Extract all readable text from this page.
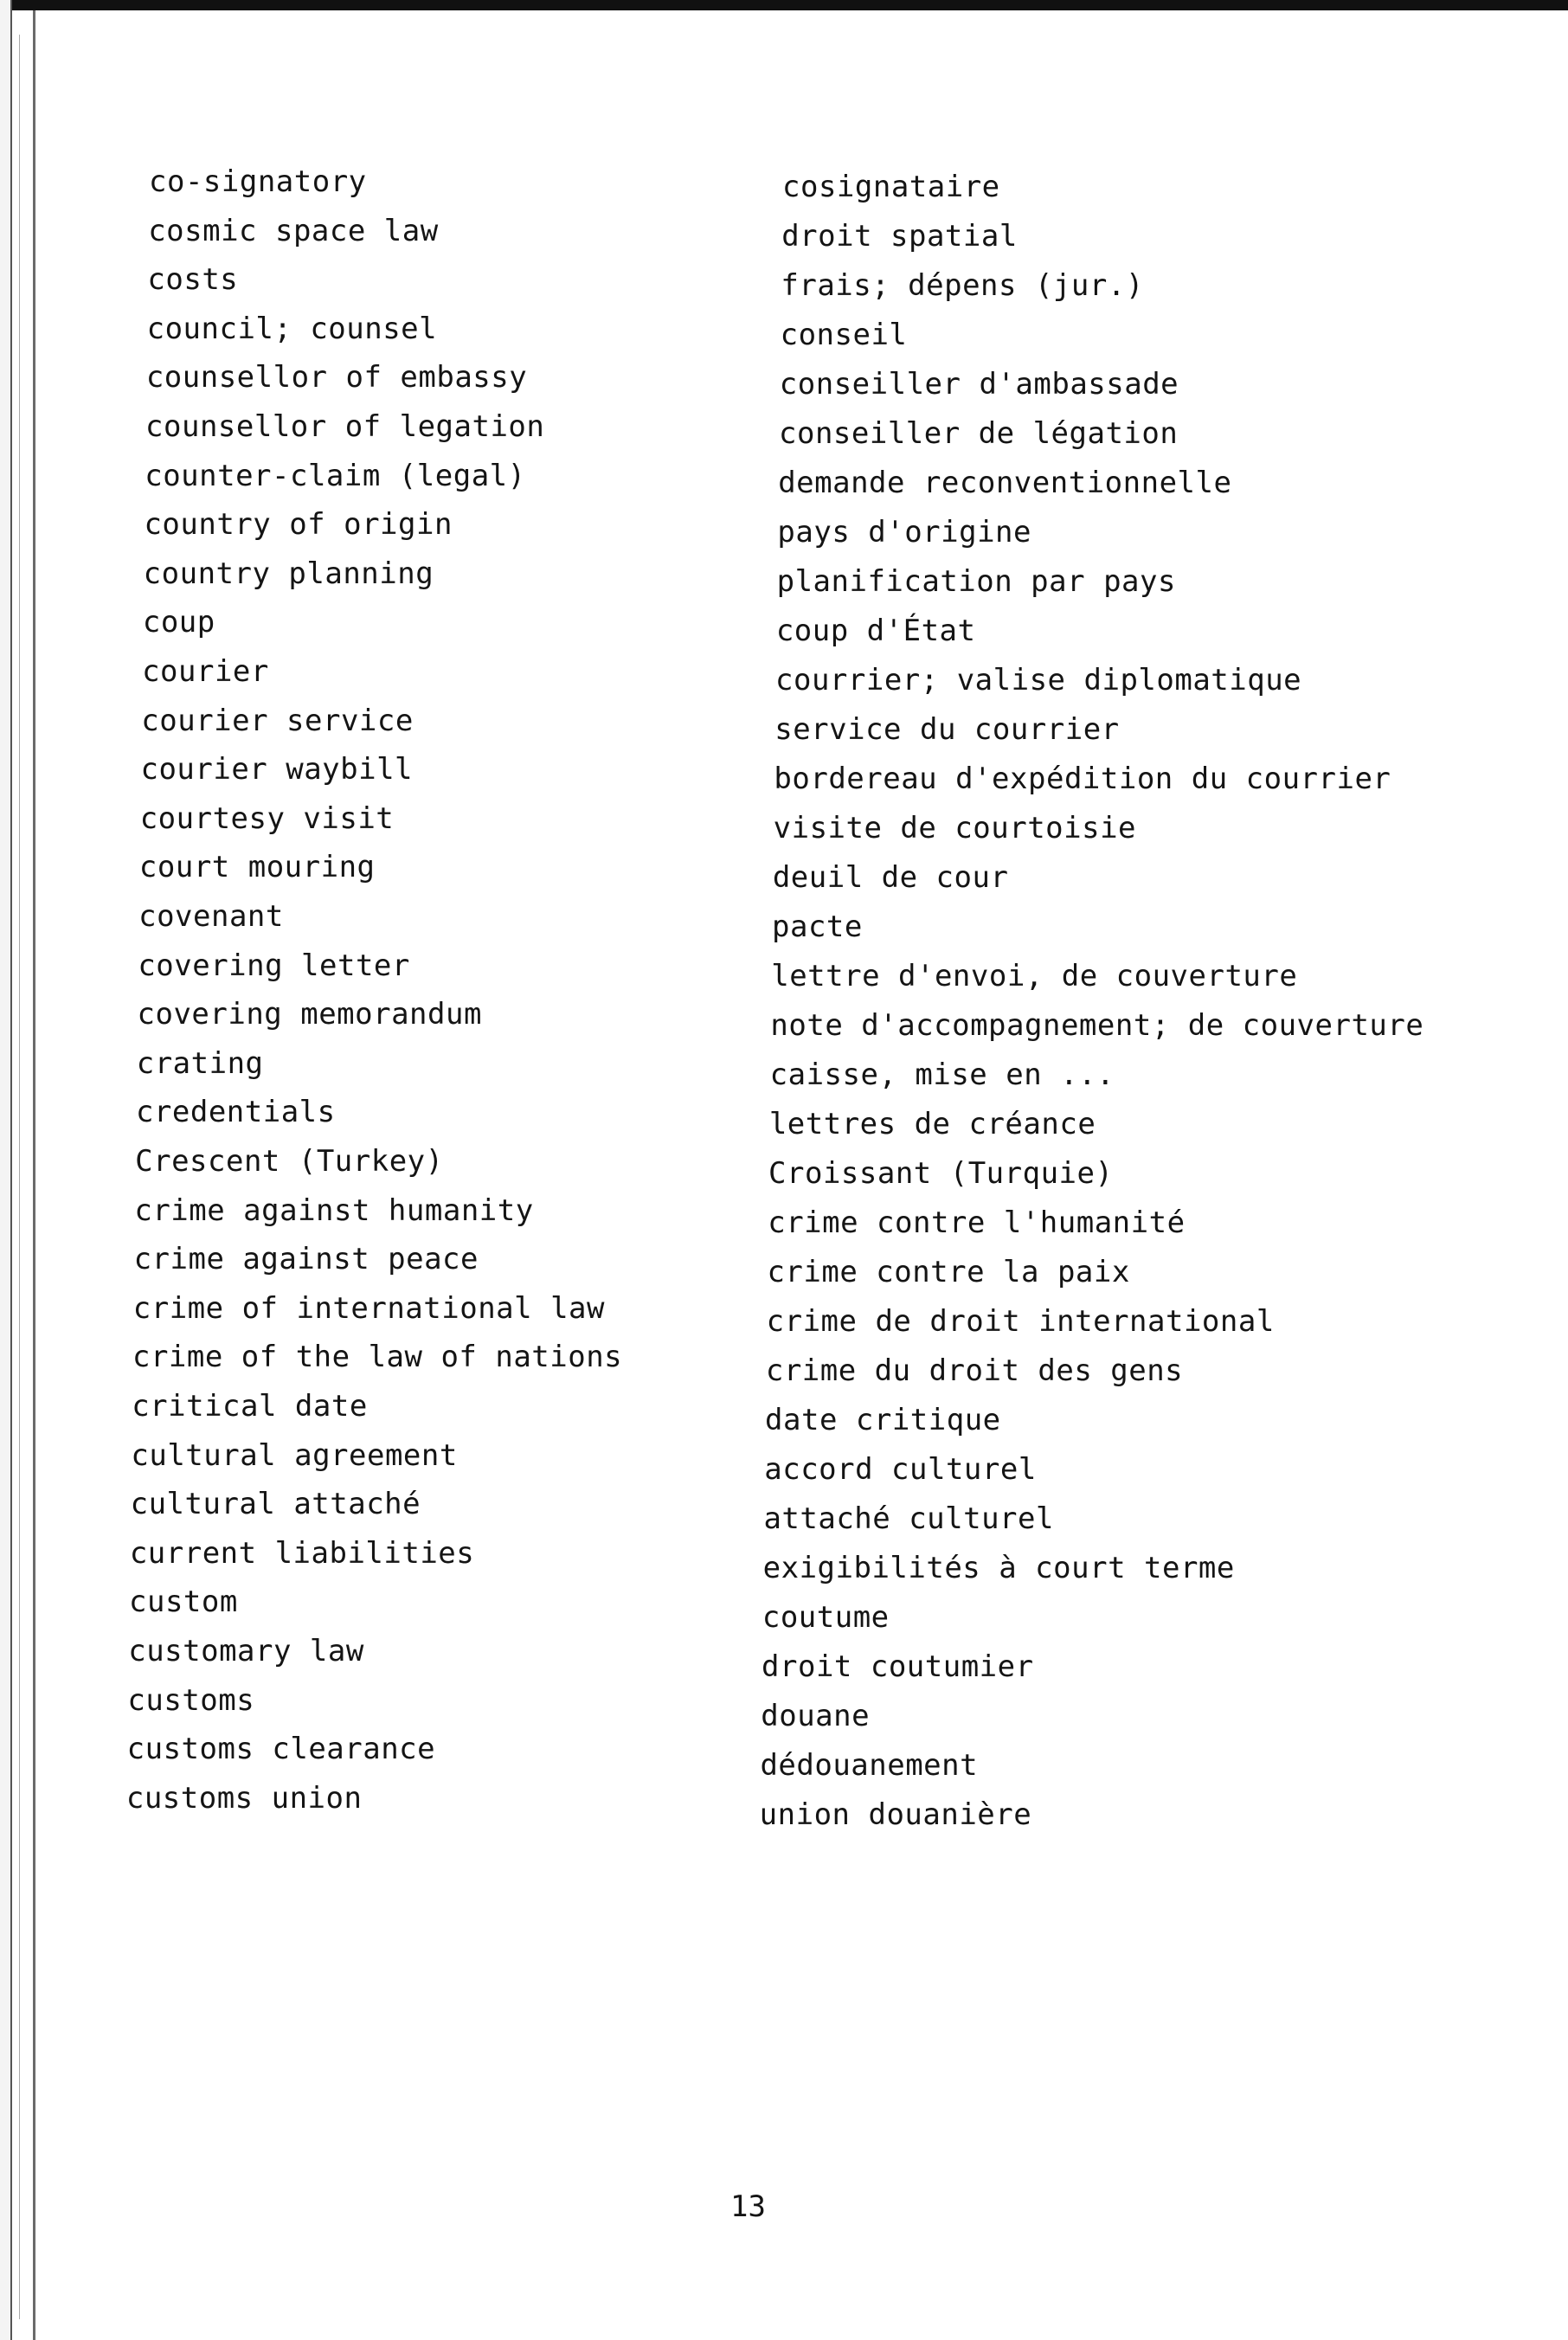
co-signatory
cosmic space law
costs
council; counsel
counsellor of embassy
counsellor of legation
counter-claim (legal)
country of origin
country planning
coup
courier
courier service
courier waybill
courtesy visit
court mouring
covenant
covering letter
covering memorandum
crating
credentials
Crescent (Turkey)
crime against humanity
crime against peace
crime of international law
crime of the law of nations
critical date
cultural agreement
cultural attaché
current liabilities
custom
customary law
customs
customs clearance
customs union
cosignataire
droit spatial
frais; dépens (jur.)
conseil
conseiller d'ambassade
conseiller de légation
demande reconventionnelle
pays d'origine
planification par pays
coup d'État
courrier; valise diplomatique
service du courrier
bordereau d'expédition du courrier
visite de courtoisie
deuil de cour
pacte
lettre d'envoi, de couverture
note d'accompagnement; de couverture
caisse, mise en ...
lettres de créance
Croissant (Turquie)
crime contre l'humanité
crime contre la paix
crime de droit international
crime du droit des gens
date critique
accord culturel
attaché culturel
exigibilités à court terme
coutume
droit coutumier
douane
dédouanement
union douanière
13
